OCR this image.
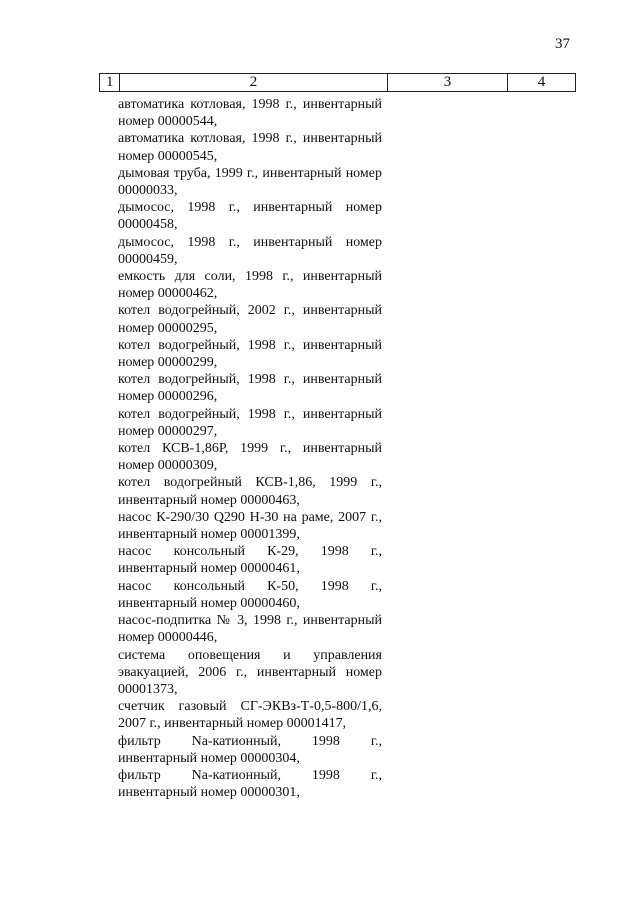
37
1	2	3	4

автоматика котловая, 1998 г., инвентарный номер 00000544,

автоматика котловая, 1998 г., инвентарный номер 00000545,

дымовая труба, 1999 г., инвентарный номер 00000033,

дымосос, 1998 г., инвентарный номер 00000458,

дымосос, 1998 г., инвентарный номер 00000459,

емкость для соли, 1998 г., инвентарный номер 00000462,

котел водогрейный, 2002 г., инвентарный номер 00000295,

котел водогрейный, 1998 г., инвентарный номер 00000299,

котел водогрейный, 1998 г., инвентарный номер 00000296,

котел водогрейный, 1998 г., инвентарный номер 00000297,

котел КСВ-1,86Р, 1999 г., инвентарный номер 00000309,

котел водогрейный КСВ-1,86, 1999 г., инвентарный номер 00000463,

насос К-290/30 Q290 Н-30 на раме, 2007 г., инвентарный номер 00001399,

насос консольный К-29, 1998 г., инвентарный номер 00000461,

насос консольный К-50, 1998 г., инвентарный номер 00000460,

насос-подпитка № 3, 1998 г., инвентарный номер 00000446,

система оповещения и управления эвакуацией, 2006 г., инвентарный номер 00001373,

счетчик газовый СГ-ЭКВз-Т-0,5-800/1,6, 2007 г., инвентарный номер 00001417,

фильтр Na-катионный, 1998 г., инвентарный номер 00000304,

фильтр Na-катионный, 1998 г., инвентарный номер 00000301,
